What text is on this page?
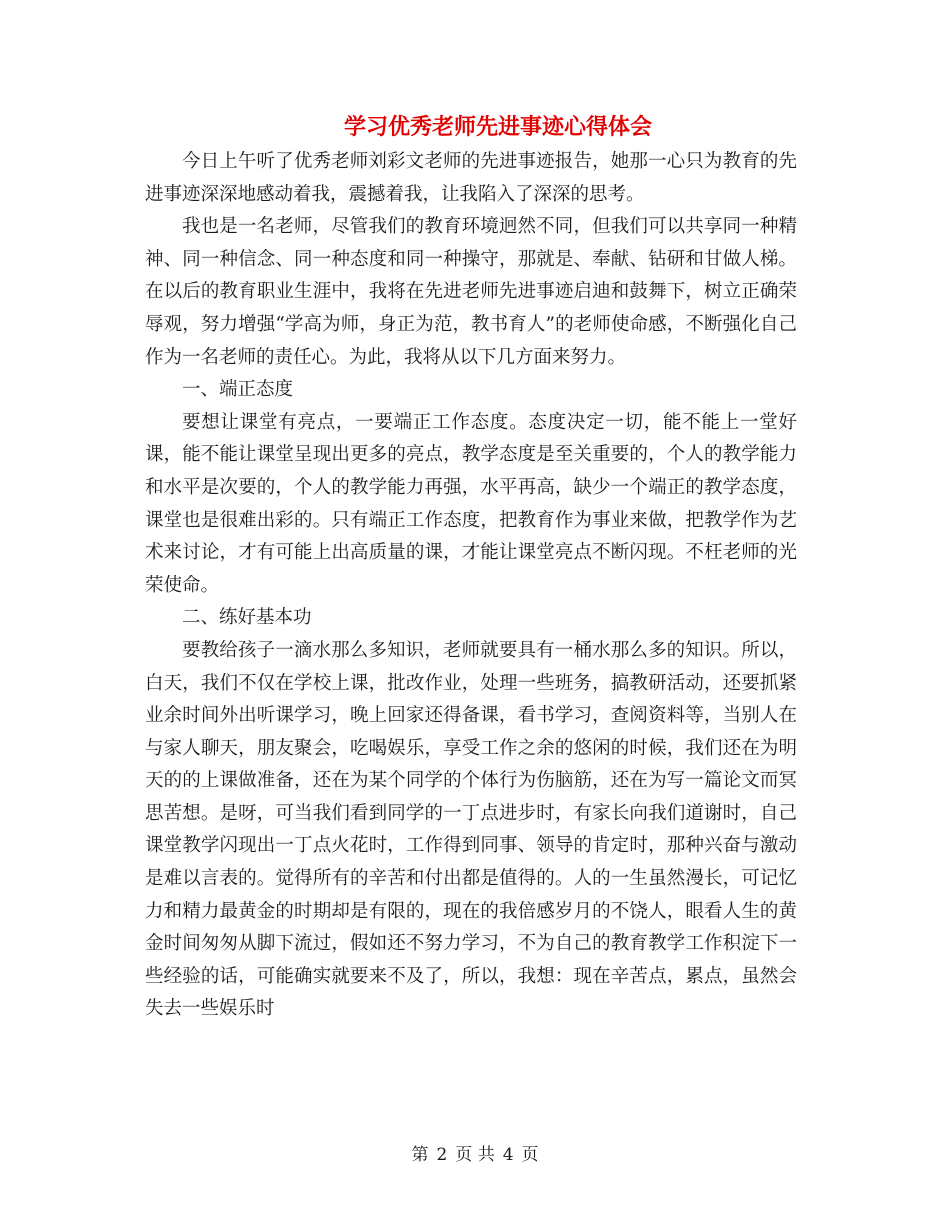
学习优秀老师先进事迹心得体会

今日上午听了优秀老师刘彩文老师的先进事迹报告，她那一心只为教育的先进事迹深深地感动着我，震撼着我，让我陷入了深深的思考。

我也是一名老师，尽管我们的教育环境迥然不同，但我们可以共享同一种精神、同一种信念、同一种态度和同一种操守，那就是、奉献、钻研和甘做人梯。在以后的教育职业生涯中，我将在先进老师先进事迹启迪和鼓舞下，树立正确荣辱观，努力增强“学高为师，身正为范，教书育人”的老师使命感，不断强化自己作为一名老师的责任心。为此，我将从以下几方面来努力。

一、端正态度

要想让课堂有亮点，一要端正工作态度。态度决定一切，能不能上一堂好课，能不能让课堂呈现出更多的亮点，教学态度是至关重要的，个人的教学能力和水平是次要的，个人的教学能力再强，水平再高，缺少一个端正的教学态度，课堂也是很难出彩的。只有端正工作态度，把教育作为事业来做，把教学作为艺术来讨论，才有可能上出高质量的课，才能让课堂亮点不断闪现。不枉老师的光荣使命。

二、练好基本功

要教给孩子一滴水那么多知识，老师就要具有一桶水那么多的知识。所以，白天，我们不仅在学校上课，批改作业，处理一些班务，搞教研活动，还要抓紧业余时间外出听课学习，晚上回家还得备课，看书学习，查阅资料等，当别人在与家人聊天，朋友聚会，吃喝娱乐，享受工作之余的悠闲的时候，我们还在为明天的的上课做准备，还在为某个同学的个体行为伤脑筋，还在为写一篇论文而冥思苦想。是呀，可当我们看到同学的一丁点进步时，有家长向我们道谢时，自己课堂教学闪现出一丁点火花时，工作得到同事、领导的肯定时，那种兴奋与激动是难以言表的。觉得所有的辛苦和付出都是值得的。人的一生虽然漫长，可记忆力和精力最黄金的时期却是有限的，现在的我倍感岁月的不饶人，眼看人生的黄金时间匆匆从脚下流过，假如还不努力学习，不为自己的教育教学工作积淀下一些经验的话，可能确实就要来不及了，所以，我想：现在辛苦点，累点，虽然会失去一些娱乐时

第 2 页 共 4 页
